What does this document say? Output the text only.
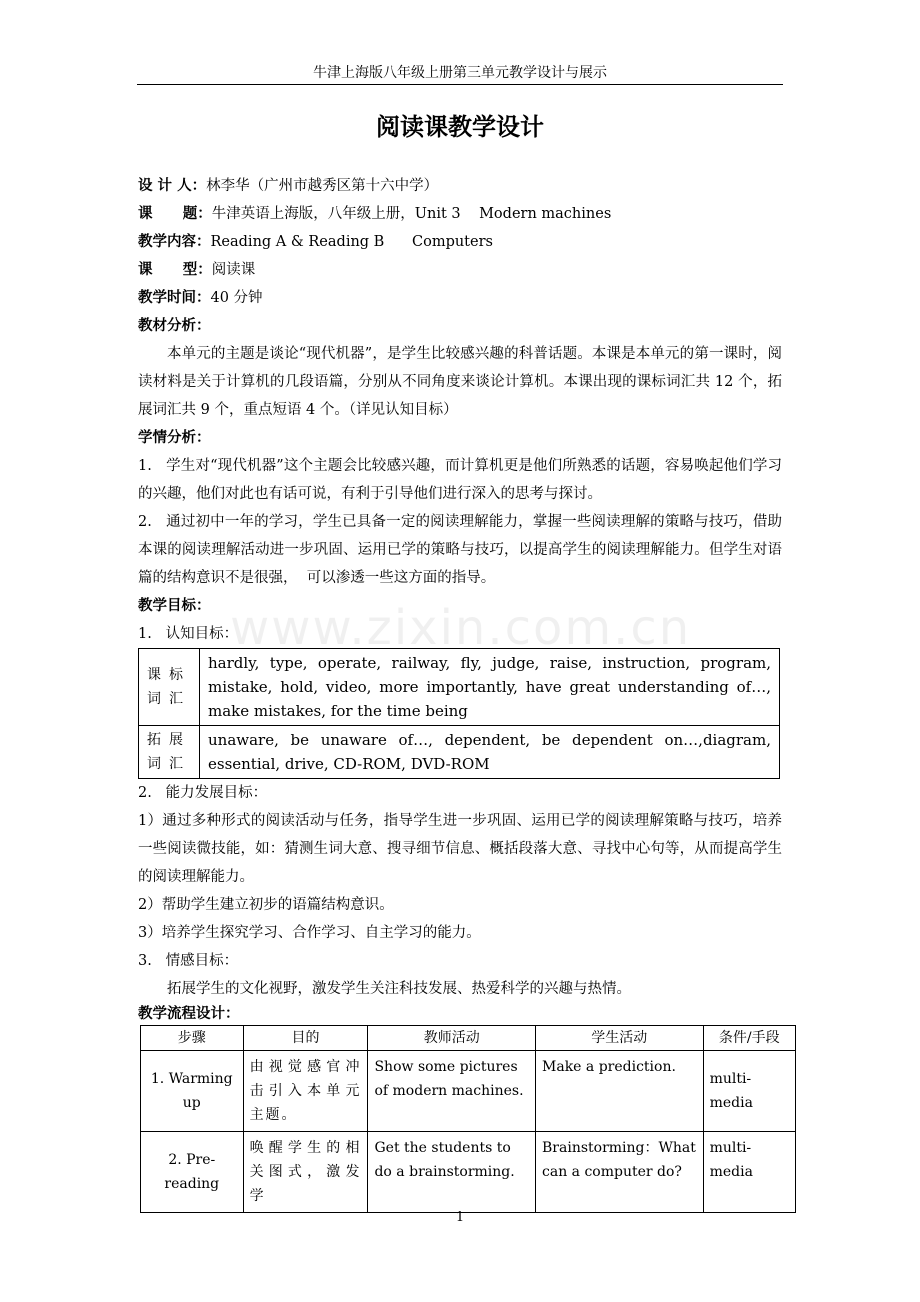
牛津上海版八年级上册第三单元教学设计与展示
阅读课教学设计
www.zixin.com.cn
设 计 人：林李华（广州市越秀区第十六中学）
课      题：牛津英语上海版，八年级上册，Unit 3    Modern machines
教学内容：Reading A & Reading B      Computers
课      型：阅读课
教学时间：40 分钟
教材分析：
本单元的主题是谈论“现代机器”，是学生比较感兴趣的科普话题。本课是本单元的第一课时，阅读材料是关于计算机的几段语篇，分别从不同角度来谈论计算机。本课出现的课标词汇共 12 个，拓展词汇共 9 个，重点短语 4 个。（详见认知目标）
学情分析：
1.   学生对“现代机器”这个主题会比较感兴趣，而计算机更是他们所熟悉的话题，容易唤起他们学习的兴趣，他们对此也有话可说，有利于引导他们进行深入的思考与探讨。
2.   通过初中一年的学习，学生已具备一定的阅读理解能力，掌握一些阅读理解的策略与技巧，借助本课的阅读理解活动进一步巩固、运用已学的策略与技巧，以提高学生的阅读理解能力。但学生对语篇的结构意识不是很强，  可以渗透一些这方面的指导。
教学目标：
1.   认知目标：
课标词汇	hardly, type, operate, railway, fly, judge, raise, instruction, program, mistake, hold, video, more importantly, have great understanding of…, make mistakes, for the time being
拓展词汇	unaware, be unaware of…, dependent, be dependent on…,diagram, essential, drive, CD-ROM, DVD-ROM
2.   能力发展目标：
1）通过多种形式的阅读活动与任务，指导学生进一步巩固、运用已学的阅读理解策略与技巧，培养一些阅读微技能，如：猜测生词大意、搜寻细节信息、概括段落大意、寻找中心句等，从而提高学生的阅读理解能力。
2）帮助学生建立初步的语篇结构意识。
3）培养学生探究学习、合作学习、自主学习的能力。
3.   情感目标：
拓展学生的文化视野，激发学生关注科技发展、热爱科学的兴趣与热情。
教学流程设计：
步骤	目的	教师活动	学生活动	条件/手段
1. Warming up	由视觉感官冲击引入本单元主题。	Show some pictures of modern machines.	Make a prediction.	multi-media
2. Pre-reading	唤醒学生的相关图式，激发学	Get the students to do a brainstorming.	Brainstorming：What can a computer do?	multi-media
1
